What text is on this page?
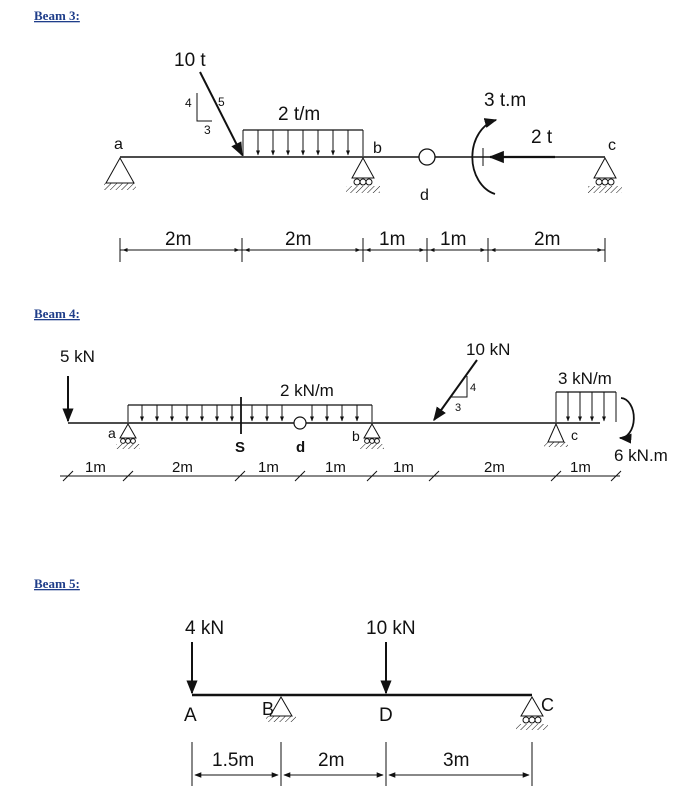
Beam 3:
a
10 t
4 5
3
2 t/m
b
d
3 t.m
2 t	c
2m	2m	1m 1m	2m
Beam 4:
5 kN
2 kN/m
S	d
a	b
10 kN
4
3
3 kN/m
c
6 kN.m
1m	2m	1m	1m	1m	2m	1m
Beam 5:
4 kN	10 kN
A	D
B	C
1.5m	2m	3m
